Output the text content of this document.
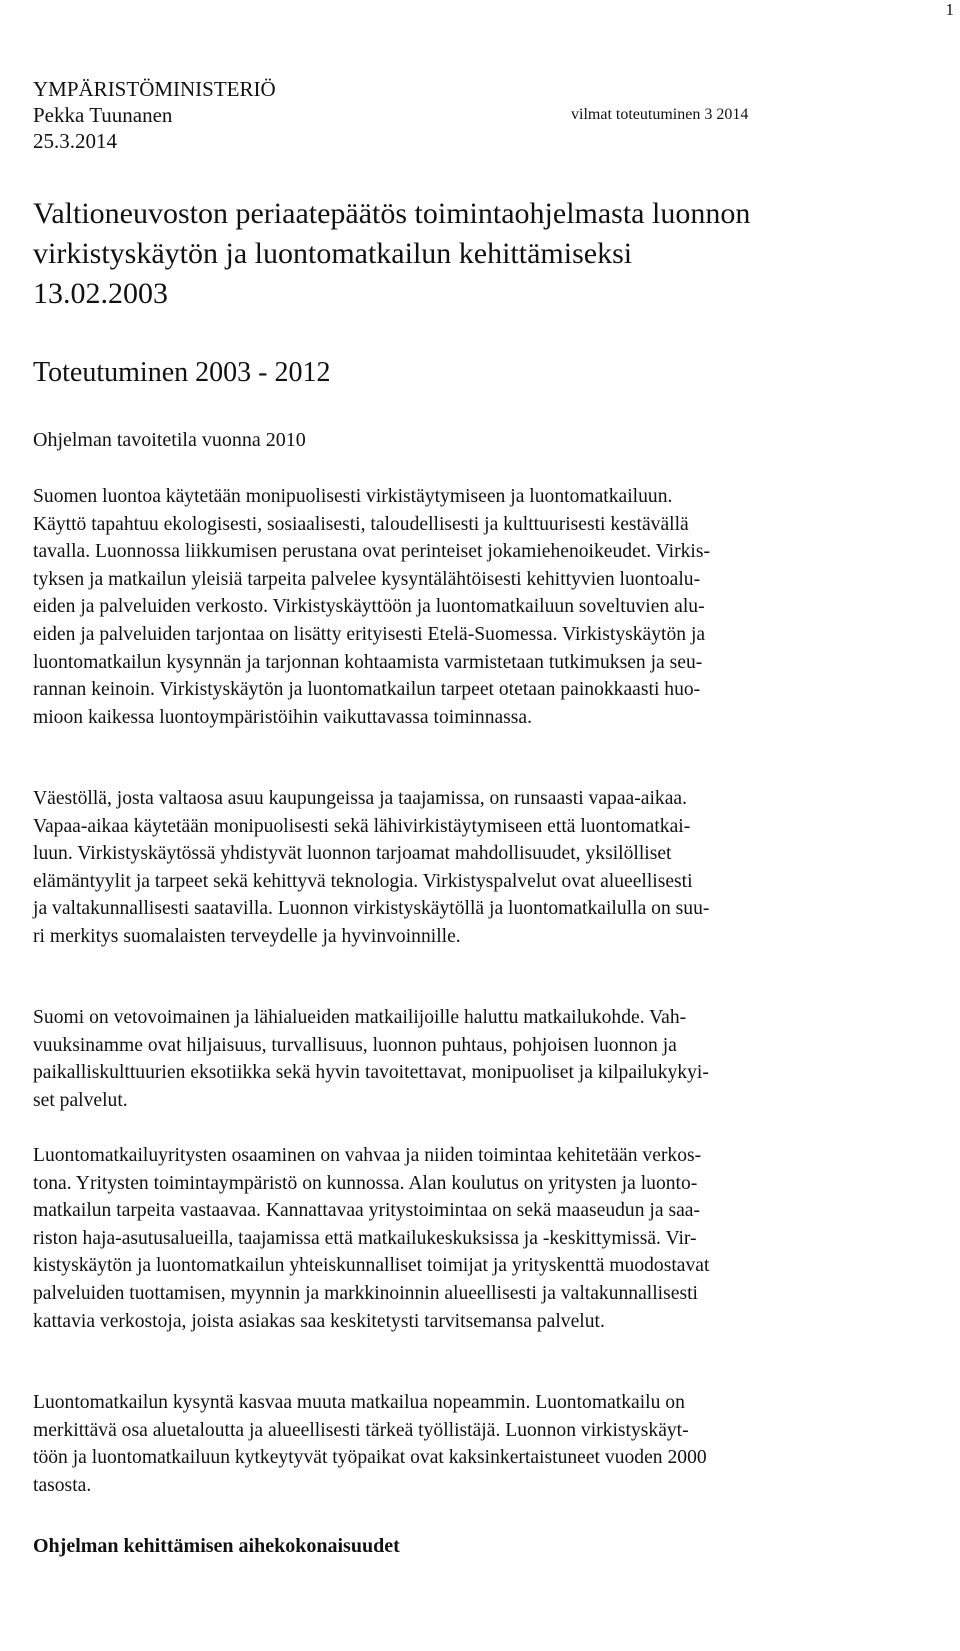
1
YMPÄRISTÖMINISTERIÖ
Pekka Tuunanen	vilmat toteutuminen 3 2014
25.3.2014
Valtioneuvoston periaatepäätös toimintaohjelmasta luonnon
virkistyskäytön ja luontomatkailun kehittämiseksi
13.02.2003
Toteutuminen 2003 - 2012
Ohjelman tavoitetila vuonna 2010
Suomen luontoa käytetään monipuolisesti virkistäytymiseen ja luontomatkailuun.
Käyttö tapahtuu ekologisesti, sosiaalisesti, taloudellisesti ja kulttuurisesti kestävällä
tavalla. Luonnossa liikkumisen perustana ovat perinteiset jokamiehenoikeudet. Virkis-
tyksen ja matkailun yleisiä tarpeita palvelee kysyntälähtöisesti kehittyvien luontoalu-
eiden ja palveluiden verkosto. Virkistyskäyttöön ja luontomatkailuun soveltuvien alu-
eiden ja palveluiden tarjontaa on lisätty erityisesti Etelä-Suomessa. Virkistyskäytön ja
luontomatkailun kysynnän ja tarjonnan kohtaamista varmistetaan tutkimuksen ja seu-
rannan keinoin. Virkistyskäytön ja luontomatkailun tarpeet otetaan painokkaasti huo-
mioon kaikessa luontoympäristöihin vaikuttavassa toiminnassa.
Väestöllä, josta valtaosa asuu kaupungeissa ja taajamissa, on runsaasti vapaa-aikaa.
Vapaa-aikaa käytetään monipuolisesti sekä lähivirkistäytymiseen että luontomatkai-
luun. Virkistyskäytössä yhdistyvät luonnon tarjoamat mahdollisuudet, yksilölliset
elämäntyylit ja tarpeet sekä kehittyvä teknologia. Virkistyspalvelut ovat alueellisesti
ja valtakunnallisesti saatavilla. Luonnon virkistyskäytöllä ja luontomatkailulla on suu-
ri merkitys suomalaisten terveydelle ja hyvinvoinnille.
Suomi on vetovoimainen ja lähialueiden matkailijoille haluttu matkailukohde. Vah-
vuuksinamme ovat hiljaisuus, turvallisuus, luonnon puhtaus, pohjoisen luonnon ja
paikalliskulttuurien eksotiikka sekä hyvin tavoitettavat, monipuoliset ja kilpailukykyi-
set palvelut.
Luontomatkailuyritysten osaaminen on vahvaa ja niiden toimintaa kehitetään verkos-
tona. Yritysten toimintaympäristö on kunnossa. Alan koulutus on yritysten ja luonto-
matkailun tarpeita vastaavaa. Kannattavaa yritystoimintaa on sekä maaseudun ja saa-
riston haja-asutusalueilla, taajamissa että matkailukeskuksissa ja -keskittymissä. Vir-
kistyskäytön ja luontomatkailun yhteiskunnalliset toimijat ja yrityskenttä muodostavat
palveluiden tuottamisen, myynnin ja markkinoinnin alueellisesti ja valtakunnallisesti
kattavia verkostoja, joista asiakas saa keskitetysti tarvitsemansa palvelut.
Luontomatkailun kysyntä kasvaa muuta matkailua nopeammin. Luontomatkailu on
merkittävä osa aluetaloutta ja alueellisesti tärkeä työllistäjä. Luonnon virkistyskäyt-
töön ja luontomatkailuun kytkeytyvät työpaikat ovat kaksinkertaistuneet vuoden 2000
tasosta.
Ohjelman kehittämisen aihekokonaisuudet
